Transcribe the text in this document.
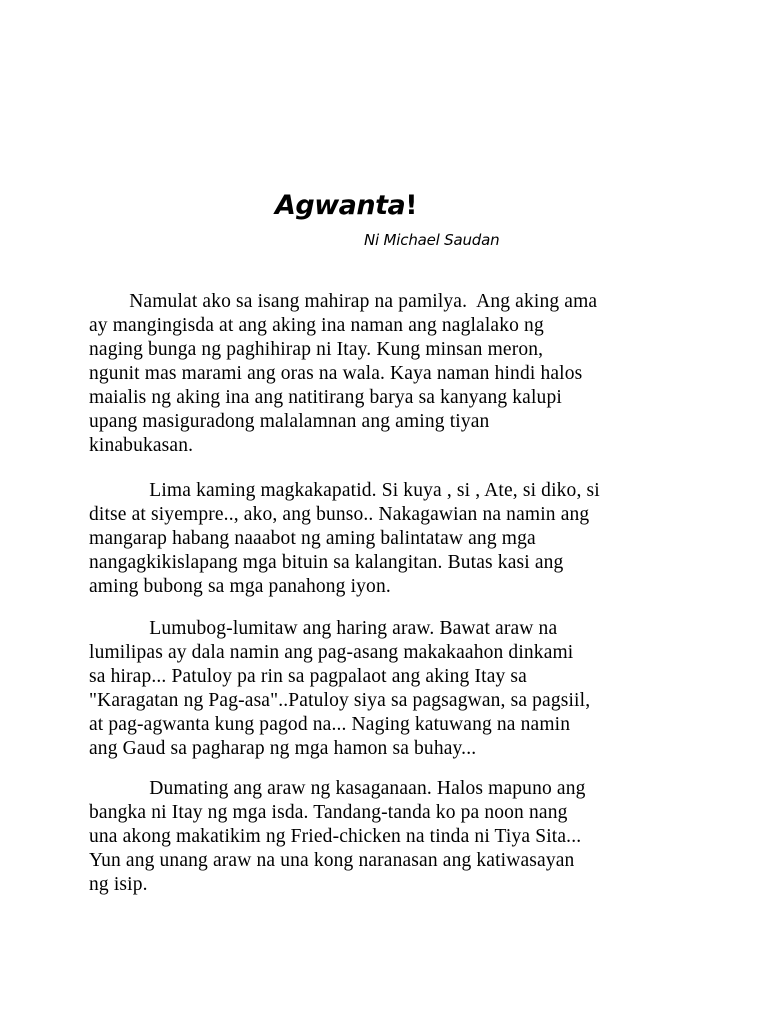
Agwanta!

Ni Michael Saudan

Namulat ako sa isang mahirap na pamilya.  Ang aking ama
ay mangingisda at ang aking ina naman ang naglalako ng
naging bunga ng paghihirap ni Itay. Kung minsan meron,
ngunit mas marami ang oras na wala. Kaya naman hindi halos
maialis ng aking ina ang natitirang barya sa kanyang kalupi
upang masiguradong malalamnan ang aming tiyan
kinabukasan.
Lima kaming magkakapatid. Si kuya , si , Ate, si diko, si
ditse at siyempre.., ako, ang bunso.. Nakagawian na namin ang
mangarap habang naaabot ng aming balintataw ang mga
nangagkikislapang mga bituin sa kalangitan. Butas kasi ang
aming bubong sa mga panahong iyon.
Lumubog-lumitaw ang haring araw. Bawat araw na
lumilipas ay dala namin ang pag-asang makakaahon dinkami
sa hirap... Patuloy pa rin sa pagpalaot ang aking Itay sa
"Karagatan ng Pag-asa"..Patuloy siya sa pagsagwan, sa pagsiil,
at pag-agwanta kung pagod na... Naging katuwang na namin
ang Gaud sa pagharap ng mga hamon sa buhay...
Dumating ang araw ng kasaganaan. Halos mapuno ang
bangka ni Itay ng mga isda. Tandang-tanda ko pa noon nang
una akong makatikim ng Fried-chicken na tinda ni Tiya Sita...
Yun ang unang araw na una kong naranasan ang katiwasayan
ng isip.
